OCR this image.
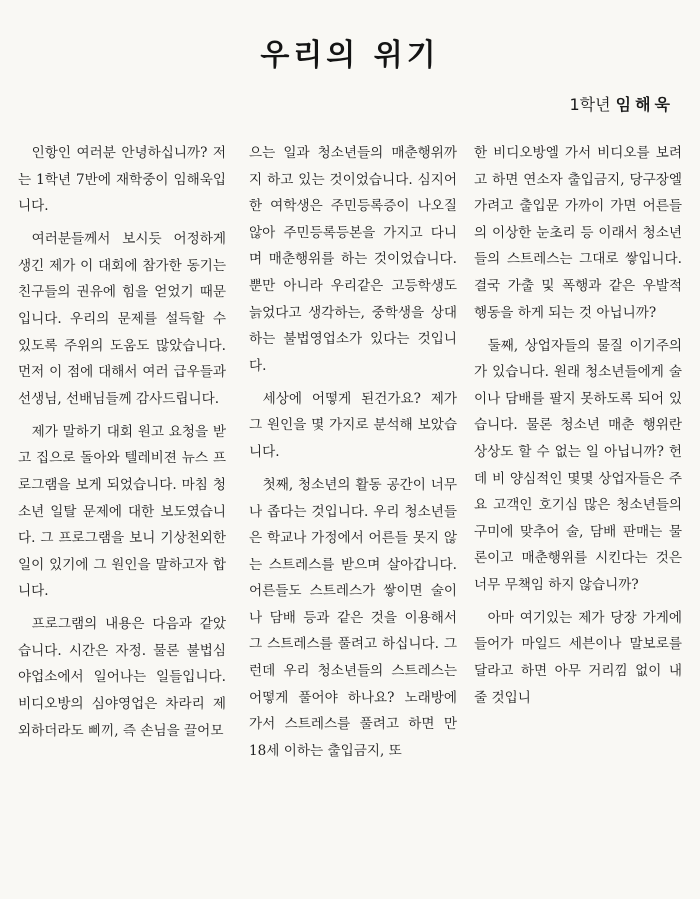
우리의 위기
1학년 임해욱

인항인 여러분 안녕하십니까? 저는 1학년 7반에 재학중이 임해욱입니다.

여러분들께서 보시듯 어정하게 생긴 제가 이 대회에 참가한 동기는 친구들의 권유에 힘을 얻었기 때문입니다. 우리의 문제를 설득할 수 있도록 주위의 도움도 많았습니다. 먼저 이 점에 대해서 여러 급우들과 선생님, 선배님들께 감사드립니다.

제가 말하기 대회 원고 요청을 받고 집으로 돌아와 텔레비젼 뉴스 프로그램을 보게 되었습니다. 마침 청소년 일탈 문제에 대한 보도였습니다. 그 프로그램을 보니 기상천외한 일이 있기에 그 원인을 말하고자 합니다.

프로그램의 내용은 다음과 같았습니다. 시간은 자정. 물론 불법심야업소에서 일어나는 일들입니다. 비디오방의 심야영업은 차라리 제외하더라도 삐끼, 즉 손님을 끌어모

으는 일과 청소년들의 매춘행위까지 하고 있는 것이었습니다. 심지어 한 여학생은 주민등록증이 나오질 않아 주민등록등본을 가지고 다니며 매춘행위를 하는 것이었습니다. 뿐만 아니라 우리같은 고등학생도 늙었다고 생각하는, 중학생을 상대하는 불법영업소가 있다는 것입니다.

세상에 어떻게 된건가요? 제가 그 원인을 몇 가지로 분석해 보았습니다.

첫째, 청소년의 활동 공간이 너무나 좁다는 것입니다. 우리 청소년들은 학교나 가정에서 어른들 못지 않는 스트레스를 받으며 살아갑니다. 어른들도 스트레스가 쌓이면 술이나 담배 등과 같은 것을 이용해서 그 스트레스를 풀려고 하십니다. 그런데 우리 청소년들의 스트레스는 어떻게 풀어야 하나요? 노래방에 가서 스트레스를 풀려고 하면 만 18세 이하는 출입금지, 또

한 비디오방엘 가서 비디오를 보려고 하면 연소자 출입금지, 당구장엘 가려고 출입문 가까이 가면 어른들의 이상한 눈초리 등 이래서 청소년들의 스트레스는 그대로 쌓입니다. 결국 가출 및 폭행과 같은 우발적 행동을 하게 되는 것 아닙니까?

둘째, 상업자들의 물질 이기주의가 있습니다. 원래 청소년들에게 술이나 담배를 팔지 못하도록 되어 있습니다. 물론 청소년 매춘 행위란 상상도 할 수 없는 일 아닙니까? 헌데 비 양심적인 몇몇 상업자들은 주요 고객인 호기심 많은 청소년들의 구미에 맞추어 술, 담배 판매는 물론이고 매춘행위를 시킨다는 것은 너무 무책임 하지 않습니까?

아마 여기있는 제가 당장 가게에 들어가 마일드 세븐이나 말보로를 달라고 하면 아무 거리낌 없이 내 줄 것입니
